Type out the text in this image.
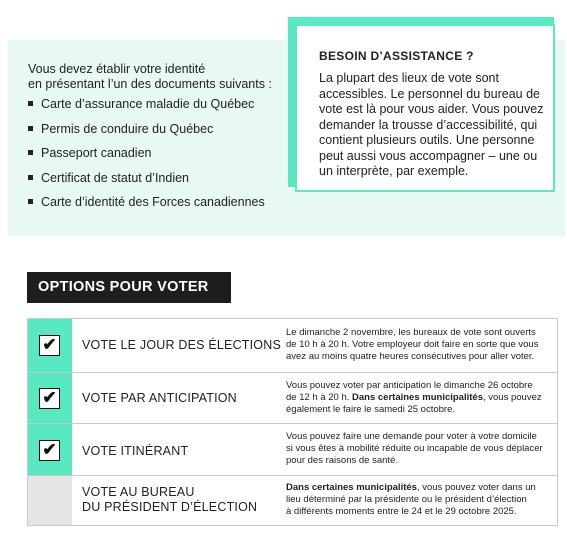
Vous devez établir votre identité
en présentant l’un des documents suivants :
Carte d’assurance maladie du Québec
Permis de conduire du Québec
Passeport canadien
Certificat de statut d’Indien
Carte d’identité des Forces canadiennes
BESOIN D’ASSISTANCE ?
La plupart des lieux de vote sont
accessibles. Le personnel du bureau de
vote est là pour vous aider. Vous pouvez
demander la trousse d’accessibilité, qui
contient plusieurs outils. Une personne
peut aussi vous accompagner – une ou
un interprète, par exemple.
OPTIONS POUR VOTER
✔ VOTE LE JOUR DES ÉLECTIONS
Le dimanche 2 novembre, les bureaux de vote sont ouverts
de 10 h à 20 h. Votre employeur doit faire en sorte que vous
avez au moins quatre heures consécutives pour aller voter.
✔ VOTE PAR ANTICIPATION
Vous pouvez voter par anticipation le dimanche 26 octobre
de 12 h à 20 h. Dans certaines municipalités, vous pouvez
également le faire le samedi 25 octobre.
✔ VOTE ITINÉRANT
Vous pouvez faire une demande pour voter à votre domicile
si vous êtes à mobilité réduite ou incapable de vous déplacer
pour des raisons de santé.
VOTE AU BUREAU
DU PRÉSIDENT D’ÉLECTION
Dans certaines municipalités, vous pouvez voter dans un
lieu déterminé par la présidente ou le président d’élection
à différents moments entre le 24 et le 29 octobre 2025.
